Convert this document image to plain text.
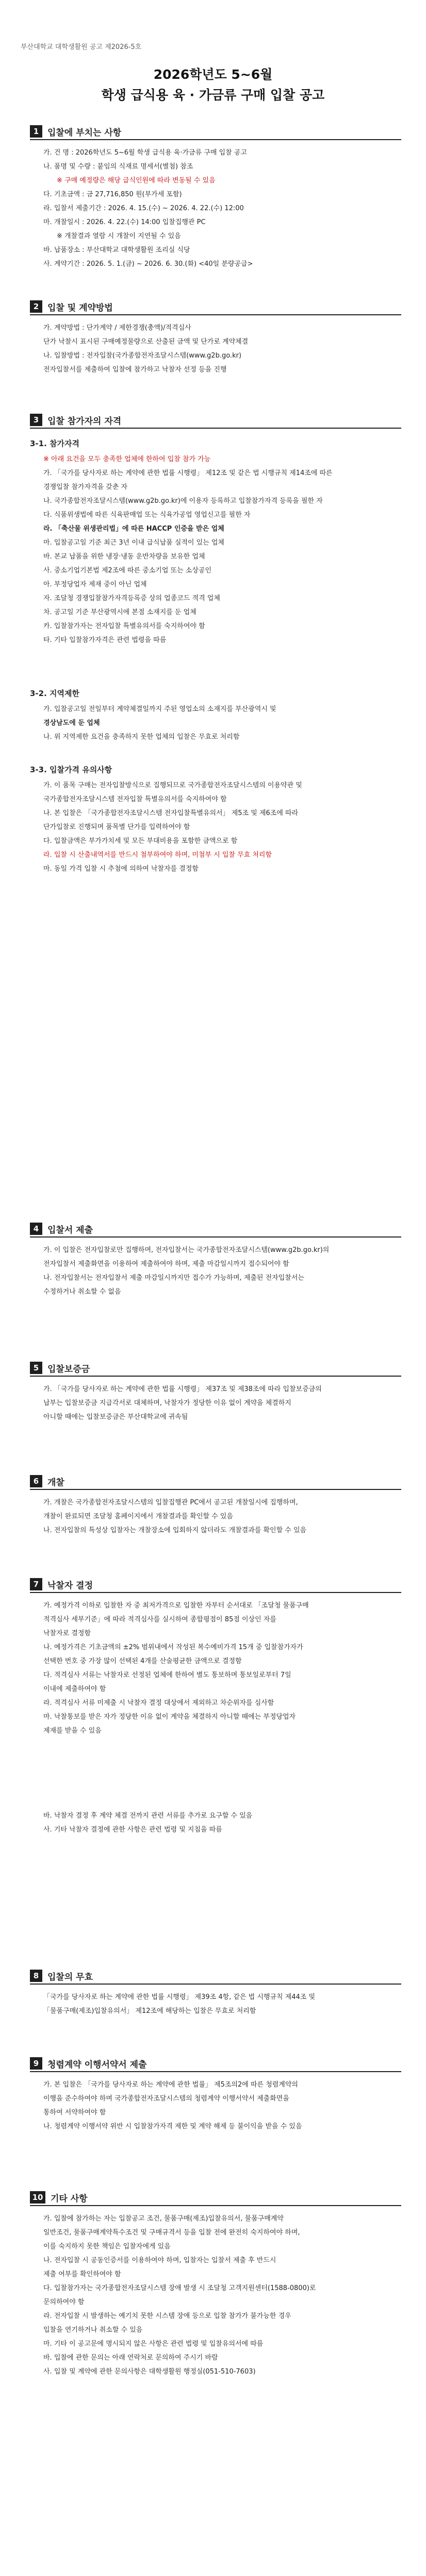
부산대학교 대학생활원 공고 제2026-5호
2026학년도 5~6월
학생 급식용 육 · 가금류 구매 입찰 공고
1 입찰에 부치는 사항

가. 건 명 : 2026학년도 5~6월 학생 급식용 육·가금류 구매 입찰 공고

나. 품명 및 수량 : 붙임의 식재료 명세서(별첨) 참조

※ 구매 예정량은 해당 급식인원에 따라 변동될 수 있음

다. 기초금액 : 금 27,716,850 원(부가세 포함)

라. 입찰서 제출기간 : 2026. 4. 15.(수) ~ 2026. 4. 22.(수) 12:00

마. 개찰일시 : 2026. 4. 22.(수) 14:00 입찰집행관 PC

※ 개찰결과 열람 시 개찰이 지연될 수 있음

바. 납품장소 : 부산대학교 대학생활원 조리실 식당

사. 계약기간 : 2026. 5. 1.(금) ~ 2026. 6. 30.(화) <40일 분량공급>

2 입찰 및 계약방법

가. 계약방법 : 단가계약 / 제한경쟁(총액)/적격심사

단가 낙찰시 표시된 구매예정물량으로 산출된 금액 및 단가로 계약체결

나. 입찰방법 : 전자입찰(국가종합전자조달시스템(www.g2b.go.kr)

전자입찰서를 제출하여 입찰에 참가하고 낙찰자 선정 등을 진행

3 입찰 참가자의 자격
3-1. 참가자격

※ 아래 요건을 모두 충족한 업체에 한하여 입찰 참가 가능

가. 「국가를 당사자로 하는 계약에 관한 법률 시행령」 제12조 및 같은 법 시행규칙 제14조에 따른

경쟁입찰 참가자격을 갖춘 자

나. 국가종합전자조달시스템(www.g2b.go.kr)에 이용자 등록하고 입찰참가자격 등록을 필한 자

다. 식품위생법에 따른 식육판매업 또는 식육가공업 영업신고를 필한 자

라. 「축산물 위생관리법」에 따른 HACCP 인증을 받은 업체

마. 입찰공고일 기준 최근 3년 이내 급식납품 실적이 있는 업체

바. 본교 납품을 위한 냉장·냉동 운반차량을 보유한 업체

사. 중소기업기본법 제2조에 따른 중소기업 또는 소상공인

아. 부정당업자 제재 중이 아닌 업체

자. 조달청 경쟁입찰참가자격등록증 상의 업종코드 적격 업체

차. 공고일 기준 부산광역시에 본점 소재지를 둔 업체

카. 입찰참가자는 전자입찰 특별유의서를 숙지하여야 함

타. 기타 입찰참가자격은 관련 법령을 따름

3-2. 지역제한

가. 입찰공고일 전일부터 계약체결일까지 주된 영업소의 소재지를 부산광역시 및

경상남도에 둔 업체

나. 위 지역제한 요건을 충족하지 못한 업체의 입찰은 무효로 처리함

3-3. 입찰가격 유의사항

가. 이 품목 구매는 전자입찰방식으로 집행되므로 국가종합전자조달시스템의 이용약관 및

국가종합전자조달시스템 전자입찰 특별유의서를 숙지하여야 함

나. 본 입찰은 「국가종합전자조달시스템 전자입찰특별유의서」 제5조 및 제6조에 따라

단가입찰로 진행되며 품목별 단가를 입력하여야 함

다. 입찰금액은 부가가치세 및 모든 부대비용을 포함한 금액으로 함

라. 입찰 시 산출내역서를 반드시 첨부하여야 하며, 미첨부 시 입찰 무효 처리함

마. 동일 가격 입찰 시 추첨에 의하여 낙찰자를 결정함

4 입찰서 제출

가. 이 입찰은 전자입찰로만 집행하며, 전자입찰서는 국가종합전자조달시스템(www.g2b.go.kr)의

전자입찰서 제출화면을 이용하여 제출하여야 하며, 제출 마감일시까지 접수되어야 함

나. 전자입찰서는 전자입찰서 제출 마감일시까지만 접수가 가능하며, 제출된 전자입찰서는

수정하거나 취소할 수 없음

5 입찰보증금

가. 「국가를 당사자로 하는 계약에 관한 법률 시행령」 제37조 및 제38조에 따라 입찰보증금의

납부는 입찰보증금 지급각서로 대체하며, 낙찰자가 정당한 이유 없이 계약을 체결하지

아니할 때에는 입찰보증금은 부산대학교에 귀속됨

6 개찰

가. 개찰은 국가종합전자조달시스템의 입찰집행관 PC에서 공고된 개찰일시에 집행하며,

개찰이 완료되면 조달청 홈페이지에서 개찰결과를 확인할 수 있음

나. 전자입찰의 특성상 입찰자는 개찰장소에 입회하지 않더라도 개찰결과를 확인할 수 있음

7 낙찰자 결정

가. 예정가격 이하로 입찰한 자 중 최저가격으로 입찰한 자부터 순서대로 「조달청 물품구매

적격심사 세부기준」에 따라 적격심사를 실시하여 종합평점이 85점 이상인 자를

낙찰자로 결정함

나. 예정가격은 기초금액의 ±2% 범위내에서 작성된 복수예비가격 15개 중 입찰참가자가

선택한 번호 중 가장 많이 선택된 4개를 산술평균한 금액으로 결정함

다. 적격심사 서류는 낙찰자로 선정된 업체에 한하여 별도 통보하며 통보일로부터 7일

이내에 제출하여야 함

라. 적격심사 서류 미제출 시 낙찰자 결정 대상에서 제외하고 차순위자를 심사함

마. 낙찰통보를 받은 자가 정당한 이유 없이 계약을 체결하지 아니할 때에는 부정당업자

제재를 받을 수 있음

바. 낙찰자 결정 후 계약 체결 전까지 관련 서류를 추가로 요구할 수 있음

사. 기타 낙찰자 결정에 관한 사항은 관련 법령 및 지침을 따름

8 입찰의 무효

「국가를 당사자로 하는 계약에 관한 법률 시행령」 제39조 4항, 같은 법 시행규칙 제44조 및

「물품구매(제조)입찰유의서」 제12조에 해당하는 입찰은 무효로 처리함

9 청렴계약 이행서약서 제출

가. 본 입찰은 「국가를 당사자로 하는 계약에 관한 법률」 제5조의2에 따른 청렴계약의

이행을 준수하여야 하며 국가종합전자조달시스템의 청렴계약 이행서약서 제출화면을

통하여 서약하여야 함

나. 청렴계약 이행서약 위반 시 입찰참가자격 제한 및 계약 해제 등 불이익을 받을 수 있음

10 기타 사항

가. 입찰에 참가하는 자는 입찰공고 조건, 물품구매(제조)입찰유의서, 물품구매계약

일반조건, 물품구매계약특수조건 및 구매규격서 등을 입찰 전에 완전히 숙지하여야 하며,

이를 숙지하지 못한 책임은 입찰자에게 있음

나. 전자입찰 시 공동인증서를 이용하여야 하며, 입찰자는 입찰서 제출 후 반드시

제출 여부를 확인하여야 함

다. 입찰참가자는 국가종합전자조달시스템 장애 발생 시 조달청 고객지원센터(1588-0800)로

문의하여야 함

라. 전자입찰 시 발생하는 예기치 못한 시스템 장애 등으로 입찰 참가가 불가능한 경우

입찰을 연기하거나 취소할 수 있음

마. 기타 이 공고문에 명시되지 않은 사항은 관련 법령 및 입찰유의서에 따름

바. 입찰에 관한 문의는 아래 연락처로 문의하여 주시기 바람

사. 입찰 및 계약에 관한 문의사항은 대학생활원 행정실(051-510-7603)
